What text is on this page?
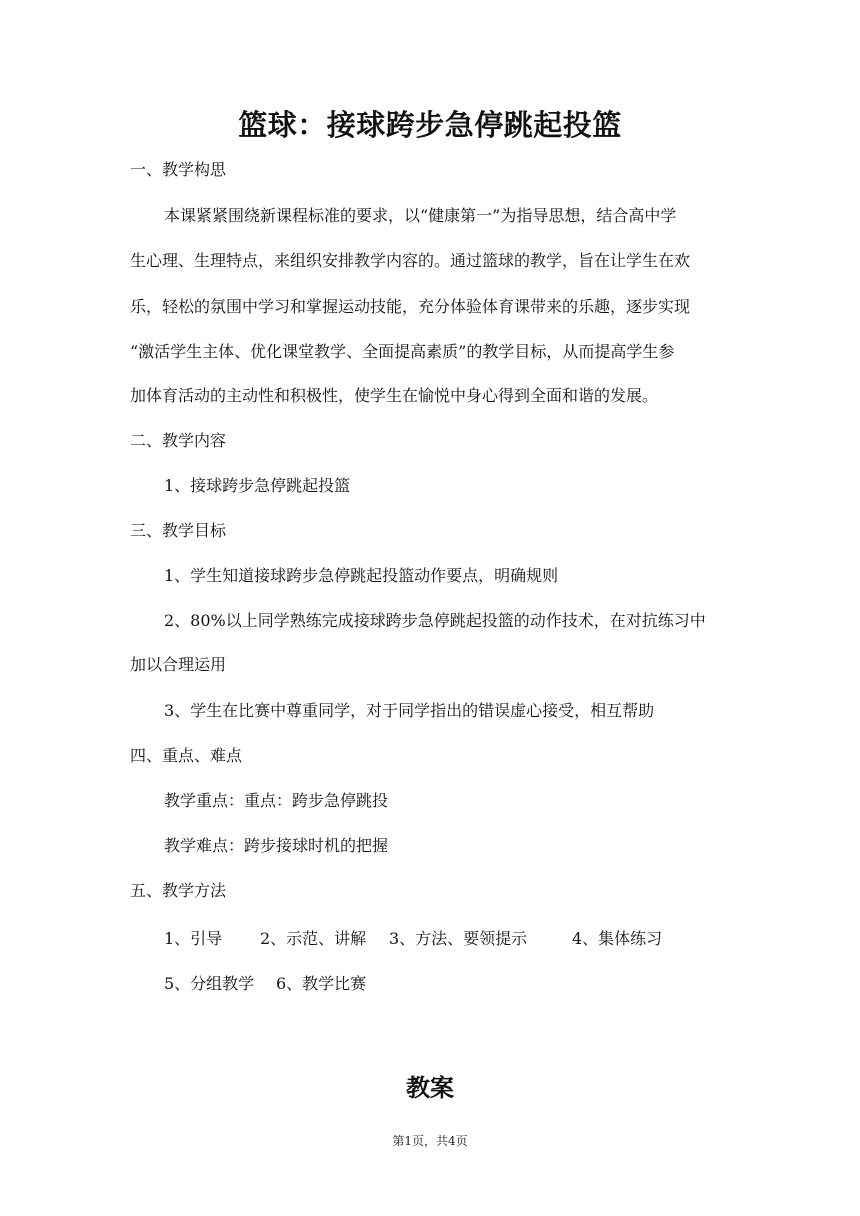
篮球：接球跨步急停跳起投篮
一、教学构思
本课紧紧围绕新课程标准的要求，以“健康第一”为指导思想，结合高中学
生心理、生理特点，来组织安排教学内容的。通过篮球的教学，旨在让学生在欢
乐，轻松的氛围中学习和掌握运动技能，充分体验体育课带来的乐趣，逐步实现
“激活学生主体、优化课堂教学、全面提高素质”的教学目标，从而提高学生参
加体育活动的主动性和积极性，使学生在愉悦中身心得到全面和谐的发展。
二、教学内容
1、接球跨步急停跳起投篮
三、教学目标
1、学生知道接球跨步急停跳起投篮动作要点，明确规则
2、80%以上同学熟练完成接球跨步急停跳起投篮的动作技术，在对抗练习中
加以合理运用
3、学生在比赛中尊重同学，对于同学指出的错误虚心接受，相互帮助
四、重点、难点
教学重点：重点：跨步急停跳投
教学难点：跨步接球时机的把握
五、教学方法
1、引导 2、示范、讲解 3、方法、要领提示	4、集体练习
5、分组教学 6、教学比赛
教案
第1页，共4页
